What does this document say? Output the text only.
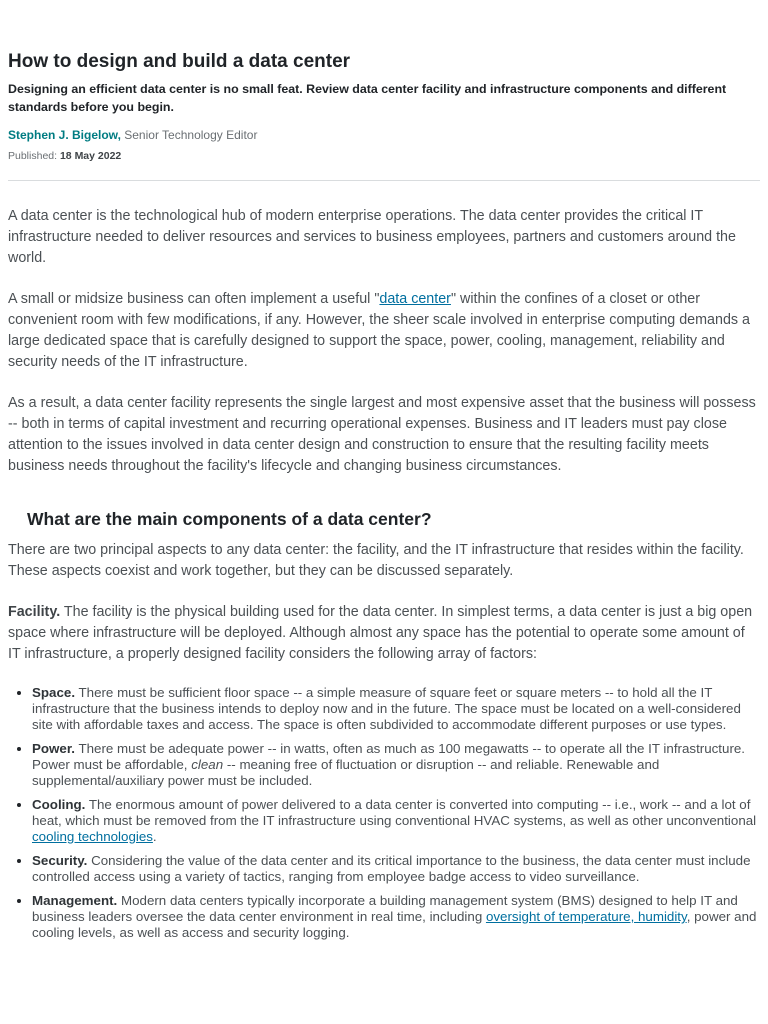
How to design and build a data center

Designing an efficient data center is no small feat. Review data center facility and infrastructure components and different standards before you begin.

Stephen J. Bigelow, Senior Technology Editor
Published: 18 May 2022

A data center is the technological hub of modern enterprise operations. The data center provides the critical IT infrastructure needed to deliver resources and services to business employees, partners and customers around the world.

A small or midsize business can often implement a useful "data center" within the confines of a closet or other convenient room with few modifications, if any. However, the sheer scale involved in enterprise computing demands a large dedicated space that is carefully designed to support the space, power, cooling, management, reliability and security needs of the IT infrastructure.

As a result, a data center facility represents the single largest and most expensive asset that the business will possess -- both in terms of capital investment and recurring operational expenses. Business and IT leaders must pay close attention to the issues involved in data center design and construction to ensure that the resulting facility meets business needs throughout the facility's lifecycle and changing business circumstances.

What are the main components of a data center?

There are two principal aspects to any data center: the facility, and the IT infrastructure that resides within the facility. These aspects coexist and work together, but they can be discussed separately.

Facility. The facility is the physical building used for the data center. In simplest terms, a data center is just a big open space where infrastructure will be deployed. Although almost any space has the potential to operate some amount of IT infrastructure, a properly designed facility considers the following array of factors:

• Space. There must be sufficient floor space -- a simple measure of square feet or square meters -- to hold all the IT infrastructure that the business intends to deploy now and in the future. The space must be located on a well-considered site with affordable taxes and access. The space is often subdivided to accommodate different purposes or use types.
• Power. There must be adequate power -- in watts, often as much as 100 megawatts -- to operate all the IT infrastructure. Power must be affordable, clean -- meaning free of fluctuation or disruption -- and reliable. Renewable and supplemental/auxiliary power must be included.
• Cooling. The enormous amount of power delivered to a data center is converted into computing -- i.e., work -- and a lot of heat, which must be removed from the IT infrastructure using conventional HVAC systems, as well as other unconventional cooling technologies.
• Security. Considering the value of the data center and its critical importance to the business, the data center must include controlled access using a variety of tactics, ranging from employee badge access to video surveillance.
• Management. Modern data centers typically incorporate a building management system (BMS) designed to help IT and business leaders oversee the data center environment in real time, including oversight of temperature, humidity, power and cooling levels, as well as access and security logging.
